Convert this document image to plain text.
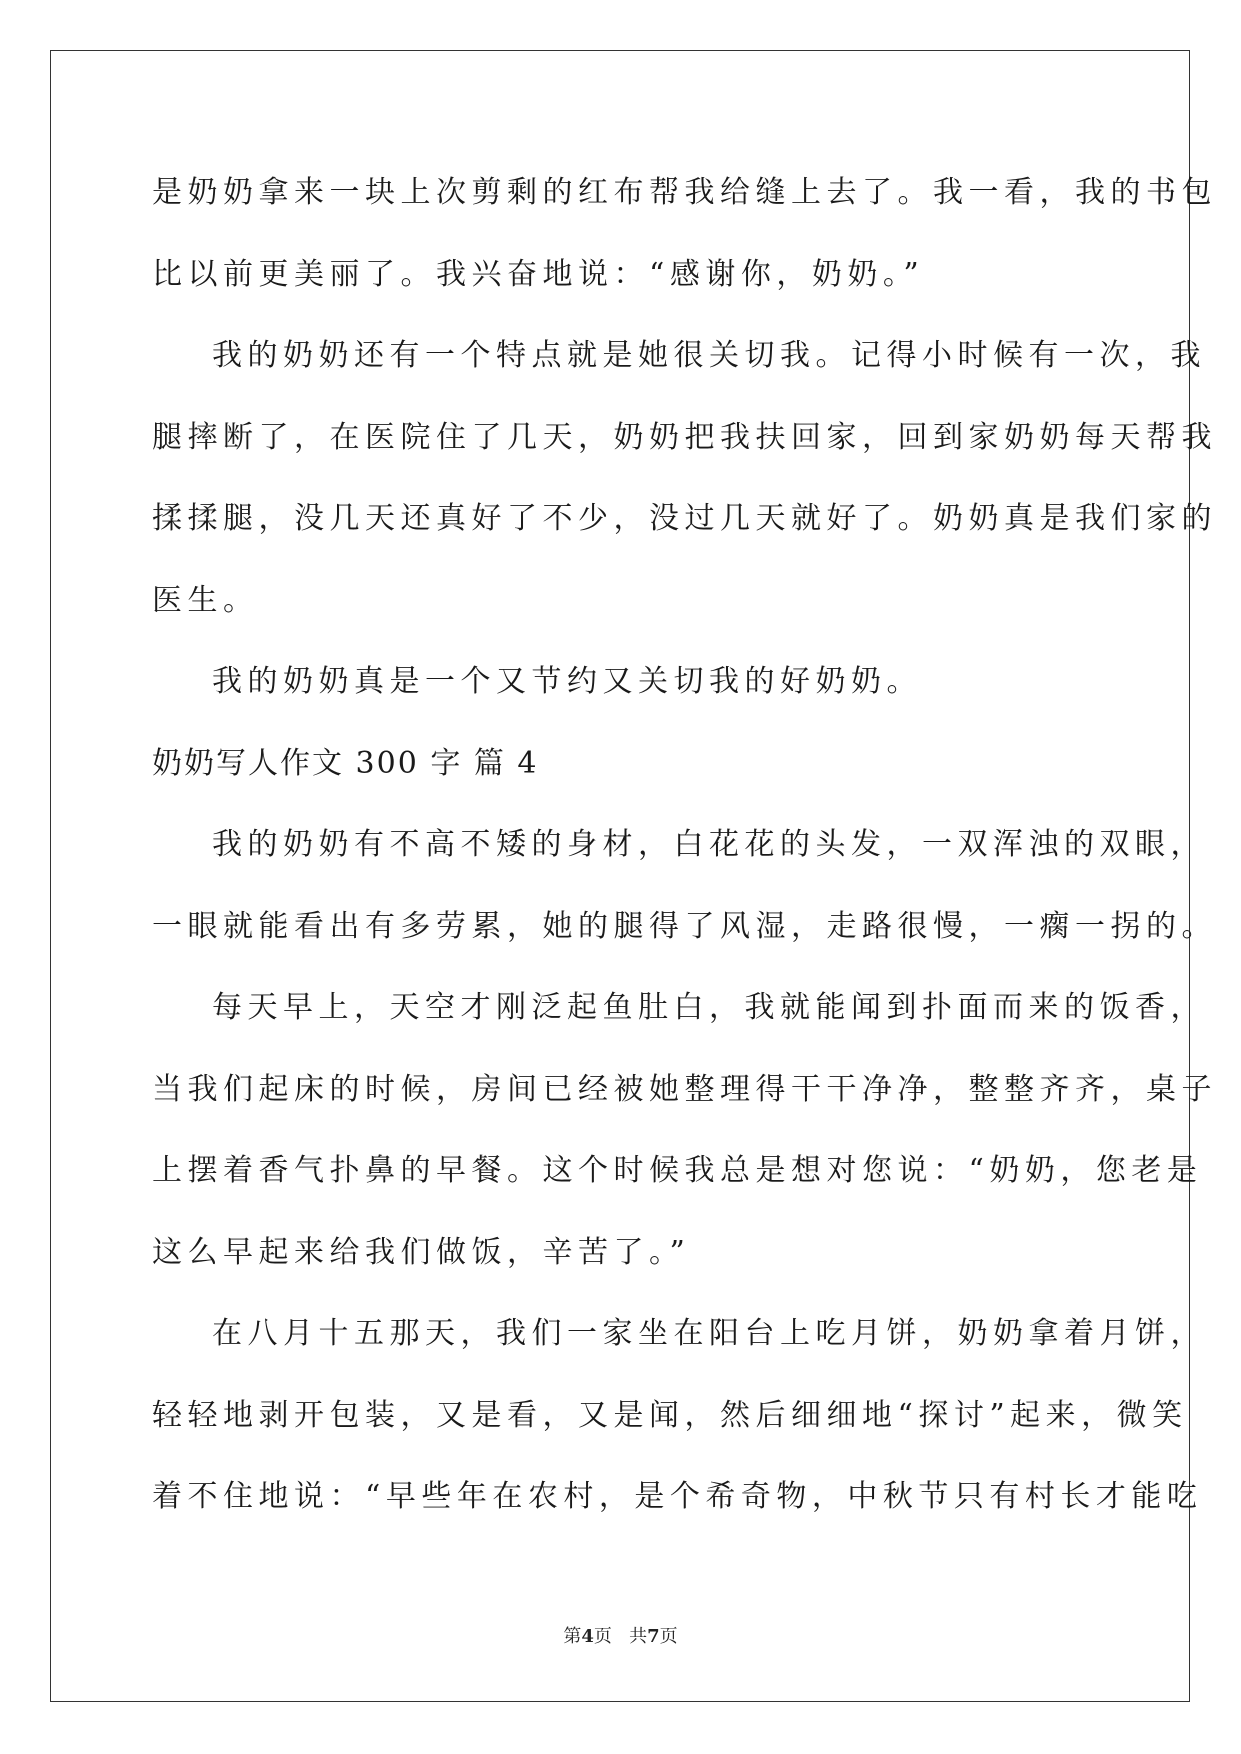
是奶奶拿来一块上次剪剩的红布帮我给缝上去了。我一看，我的书包
比以前更美丽了。我兴奋地说：“感谢你，奶奶。”
我的奶奶还有一个特点就是她很关切我。记得小时候有一次，我
腿摔断了，在医院住了几天，奶奶把我扶回家，回到家奶奶每天帮我
揉揉腿，没几天还真好了不少，没过几天就好了。奶奶真是我们家的
医生。
我的奶奶真是一个又节约又关切我的好奶奶。
奶奶写人作文 300 字 篇 4
我的奶奶有不高不矮的身材，白花花的头发，一双浑浊的双眼，
一眼就能看出有多劳累，她的腿得了风湿，走路很慢，一瘸一拐的。
每天早上，天空才刚泛起鱼肚白，我就能闻到扑面而来的饭香，
当我们起床的时候，房间已经被她整理得干干净净，整整齐齐，桌子
上摆着香气扑鼻的早餐。这个时候我总是想对您说：“奶奶，您老是
这么早起来给我们做饭，辛苦了。”
在八月十五那天，我们一家坐在阳台上吃月饼，奶奶拿着月饼，
轻轻地剥开包装，又是看，又是闻，然后细细地“探讨”起来，微笑
着不住地说：“早些年在农村，是个希奇物，中秋节只有村长才能吃
第4页 共7页
